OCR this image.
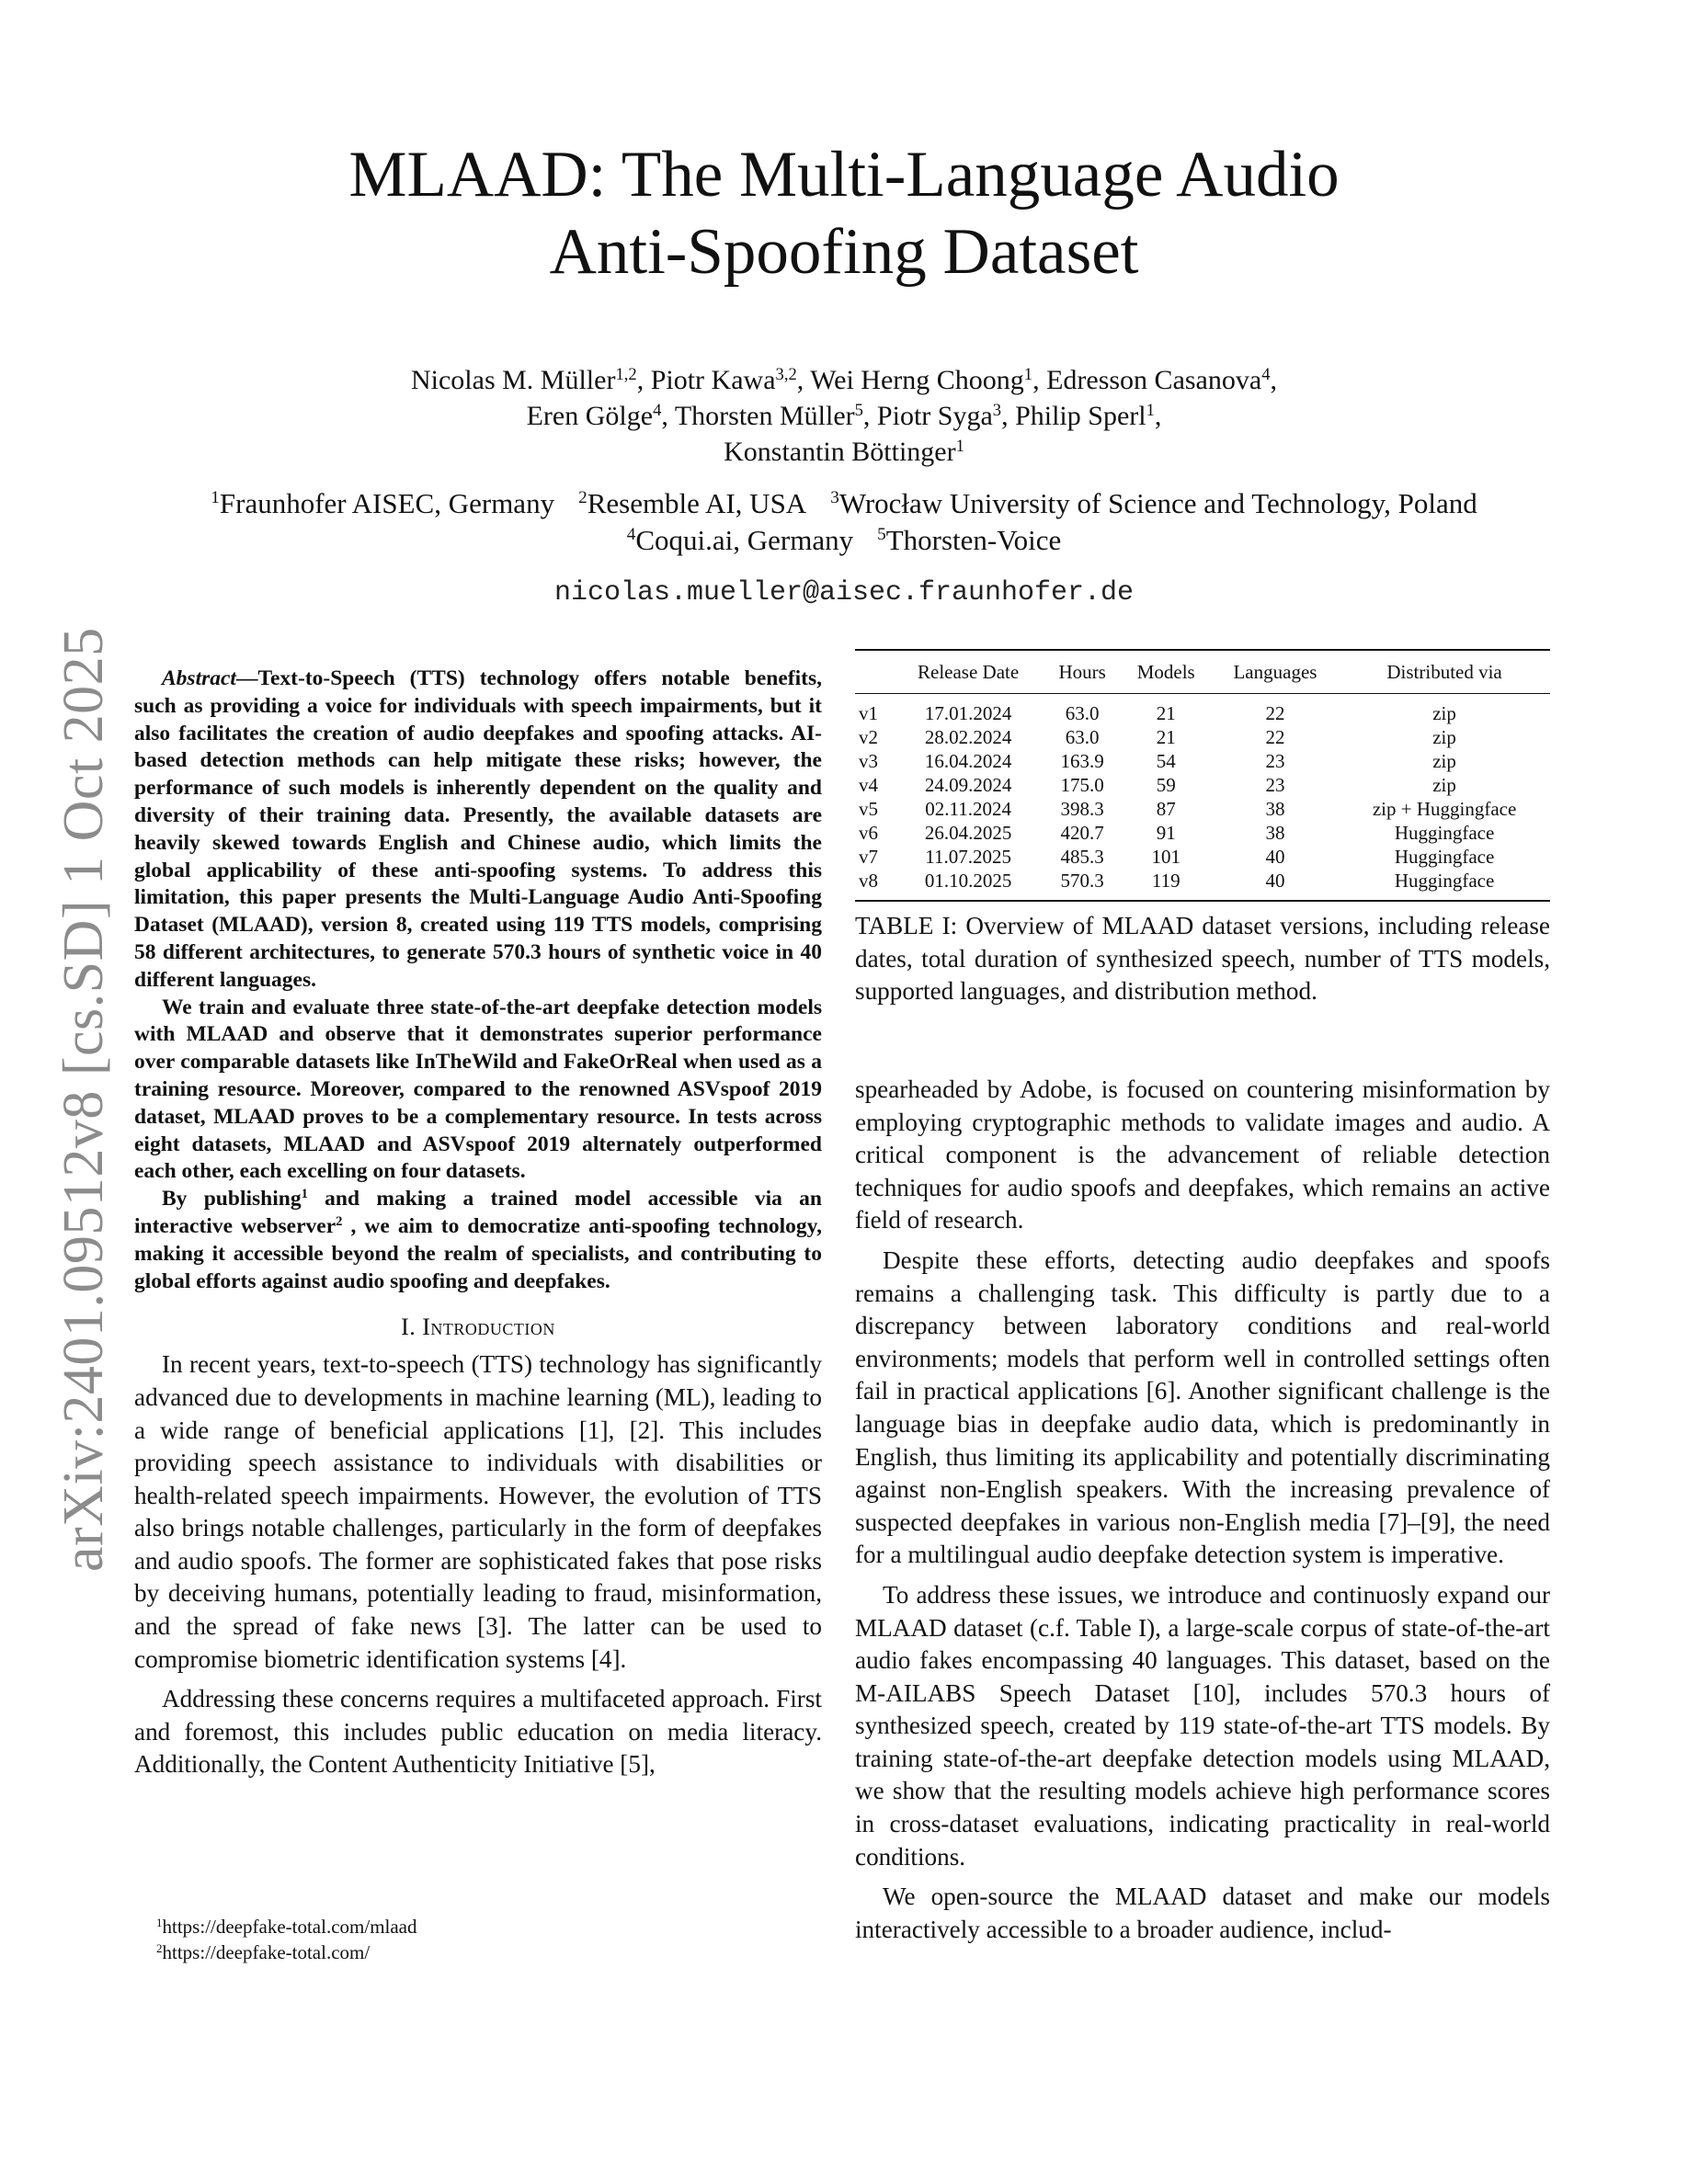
arXiv:2401.09512v8 [cs.SD] 1 Oct 2025
MLAAD: The Multi-Language Audio
Anti-Spoofing Dataset
Nicolas M. Müller$^{1,2}$, Piotr Kawa$^{3,2}$, Wei Herng Choong$^1$, Edresson Casanova$^4$,
Eren Gölge$^4$, Thorsten Müller$^5$, Piotr Syga$^3$, Philip Sperl$^1$,
Konstantin Böttinger$^1$
$^1$Fraunhofer AISEC, Germany $^2$Resemble AI, USA $^3$Wrocław University of Science and Technology, Poland
$^4$Coqui.ai, Germany $^5$Thorsten-Voice
nicolas.mueller@aisec.fraunhofer.de

Abstract—Text-to-Speech (TTS) technology offers notable benefits, such as providing a voice for individuals with speech impairments, but it also facilitates the creation of audio deepfakes and spoofing attacks. AI-based detection methods can help mitigate these risks; however, the performance of such models is inherently dependent on the quality and diversity of their training data. Presently, the available datasets are heavily skewed towards English and Chinese audio, which limits the global applicability of these anti-spoofing systems. To address this limitation, this paper presents the Multi-Language Audio Anti-Spoofing Dataset (MLAAD), version 8, created using 119 TTS models, comprising 58 different architectures, to generate 570.3 hours of synthetic voice in 40 different languages.

We train and evaluate three state-of-the-art deepfake detection models with MLAAD and observe that it demonstrates superior performance over comparable datasets like InTheWild and FakeOrReal when used as a training resource. Moreover, compared to the renowned ASVspoof 2019 dataset, MLAAD proves to be a complementary resource. In tests across eight datasets, MLAAD and ASVspoof 2019 alternately outperformed each other, each excelling on four datasets.

By publishing$^1$ and making a trained model accessible via an interactive webserver$^2$ , we aim to democratize anti-spoofing technology, making it accessible beyond the realm of specialists, and contributing to global efforts against audio spoofing and deepfakes.

I. Introduction

In recent years, text-to-speech (TTS) technology has significantly advanced due to developments in machine learning (ML), leading to a wide range of beneficial applications [1], [2]. This includes providing speech assistance to individuals with disabilities or health-related speech impairments. However, the evolution of TTS also brings notable challenges, particularly in the form of deepfakes and audio spoofs. The former are sophisticated fakes that pose risks by deceiving humans, potentially leading to fraud, misinformation, and the spread of fake news [3]. The latter can be used to compromise biometric identification systems [4].

Addressing these concerns requires a multifaceted approach. First and foremost, this includes public education on media literacy. Additionally, the Content Authenticity Initiative [5],

$^1$https://deepfake-total.com/mlaad
$^2$https://deepfake-total.com/
	Release Date	Hours	Models	Languages	Distributed via
v1	17.01.2024	63.0	21	22	zip
v2	28.02.2024	63.0	21	22	zip
v3	16.04.2024	163.9	54	23	zip
v4	24.09.2024	175.0	59	23	zip
v5	02.11.2024	398.3	87	38	zip + Huggingface
v6	26.04.2025	420.7	91	38	Huggingface
v7	11.07.2025	485.3	101	40	Huggingface
v8	01.10.2025	570.3	119	40	Huggingface
TABLE I: Overview of MLAAD dataset versions, including release dates, total duration of synthesized speech, number of TTS models, supported languages, and distribution method.

spearheaded by Adobe, is focused on countering misinformation by employing cryptographic methods to validate images and audio. A critical component is the advancement of reliable detection techniques for audio spoofs and deepfakes, which remains an active field of research.

Despite these efforts, detecting audio deepfakes and spoofs remains a challenging task. This difficulty is partly due to a discrepancy between laboratory conditions and real-world environments; models that perform well in controlled settings often fail in practical applications [6]. Another significant challenge is the language bias in deepfake audio data, which is predominantly in English, thus limiting its applicability and potentially discriminating against non-English speakers. With the increasing prevalence of suspected deepfakes in various non-English media [7]–[9], the need for a multilingual audio deepfake detection system is imperative.

To address these issues, we introduce and continuosly expand our MLAAD dataset (c.f. Table I), a large-scale corpus of state-of-the-art audio fakes encompassing 40 languages. This dataset, based on the M-AILABS Speech Dataset [10], includes 570.3 hours of synthesized speech, created by 119 state-of-the-art TTS models. By training state-of-the-art deepfake detection models using MLAAD, we show that the resulting models achieve high performance scores in cross-dataset evaluations, indicating practicality in real-world conditions.

We open-source the MLAAD dataset and make our models interactively accessible to a broader audience, includ-
